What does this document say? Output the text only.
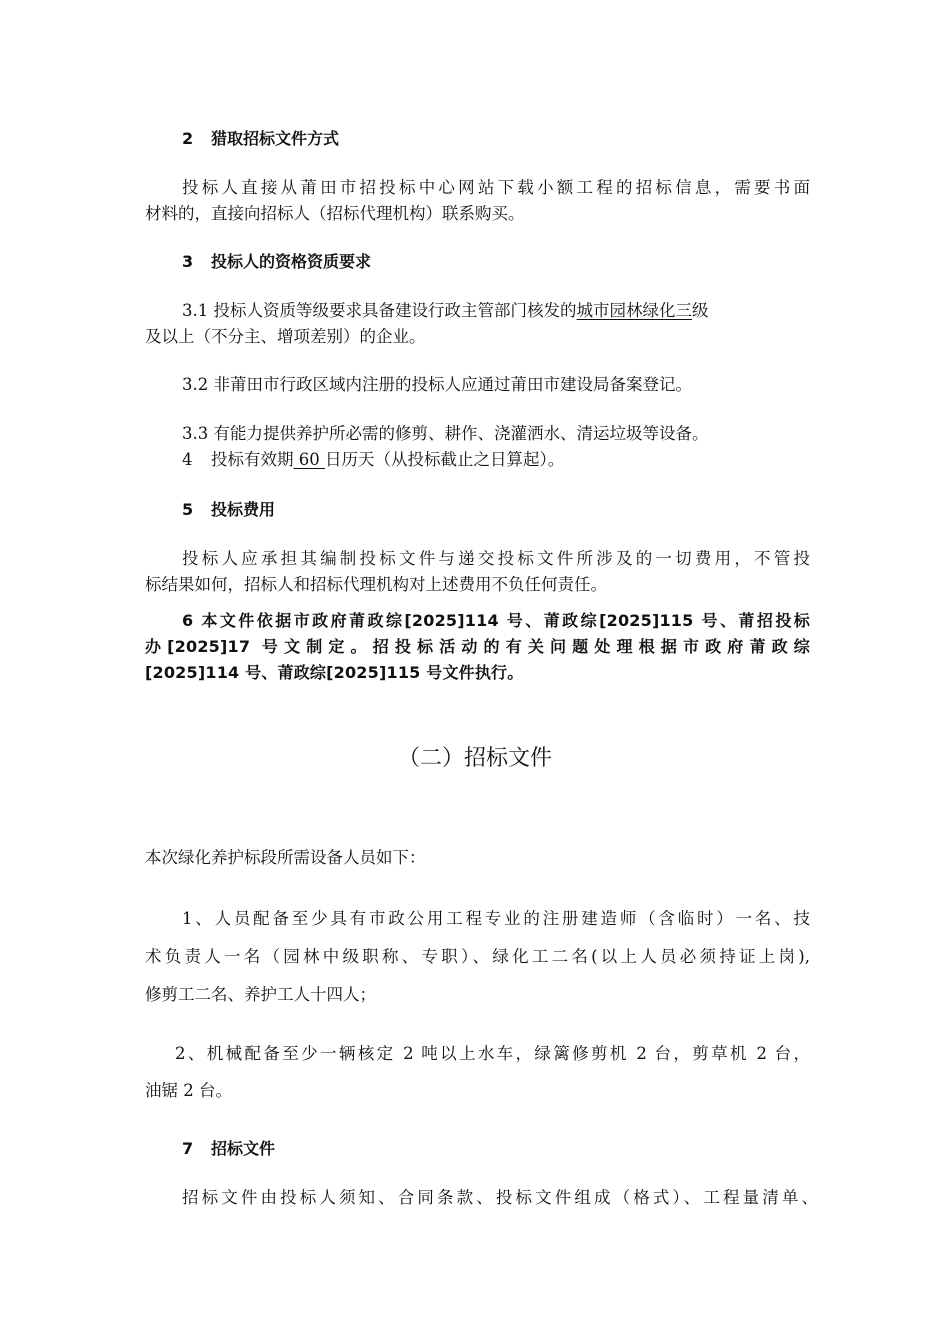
2 猎取招标文件方式
投标人直接从莆田市招投标中心网站下载小额工程的招标信息，需要书面
材料的，直接向招标人（招标代理机构）联系购买。
3 投标人的资格资质要求
3.1 投标人资质等级要求具备建设行政主管部门核发的城市园林绿化三级
及以上（不分主、增项差别）的企业。
3.2 非莆田市行政区域内注册的投标人应通过莆田市建设局备案登记。
3.3 有能力提供养护所必需的修剪、耕作、浇灌洒水、清运垃圾等设备。
4 投标有效期 60 日历天（从投标截止之日算起）。
5 投标费用
投标人应承担其编制投标文件与递交投标文件所涉及的一切费用，不管投
标结果如何，招标人和招标代理机构对上述费用不负任何责任。
6 本文件依据市政府莆政综[2025]114 号、莆政综[2025]115 号、莆招投标
办[2025]17 号文制定。招投标活动的有关问题处理根据市政府莆政综
[2025]114 号、莆政综[2025]115 号文件执行。
（二）招标文件
本次绿化养护标段所需设备人员如下：
1、人员配备至少具有市政公用工程专业的注册建造师（含临时）一名、技
术负责人一名（园林中级职称、专职）、绿化工二名(以上人员必须持证上岗),
修剪工二名、养护工人十四人；
2、机械配备至少一辆核定 2 吨以上水车，绿篱修剪机 2 台，剪草机 2 台，
油锯 2 台。
7 招标文件
招标文件由投标人须知、合同条款、投标文件组成（格式）、工程量清单、
